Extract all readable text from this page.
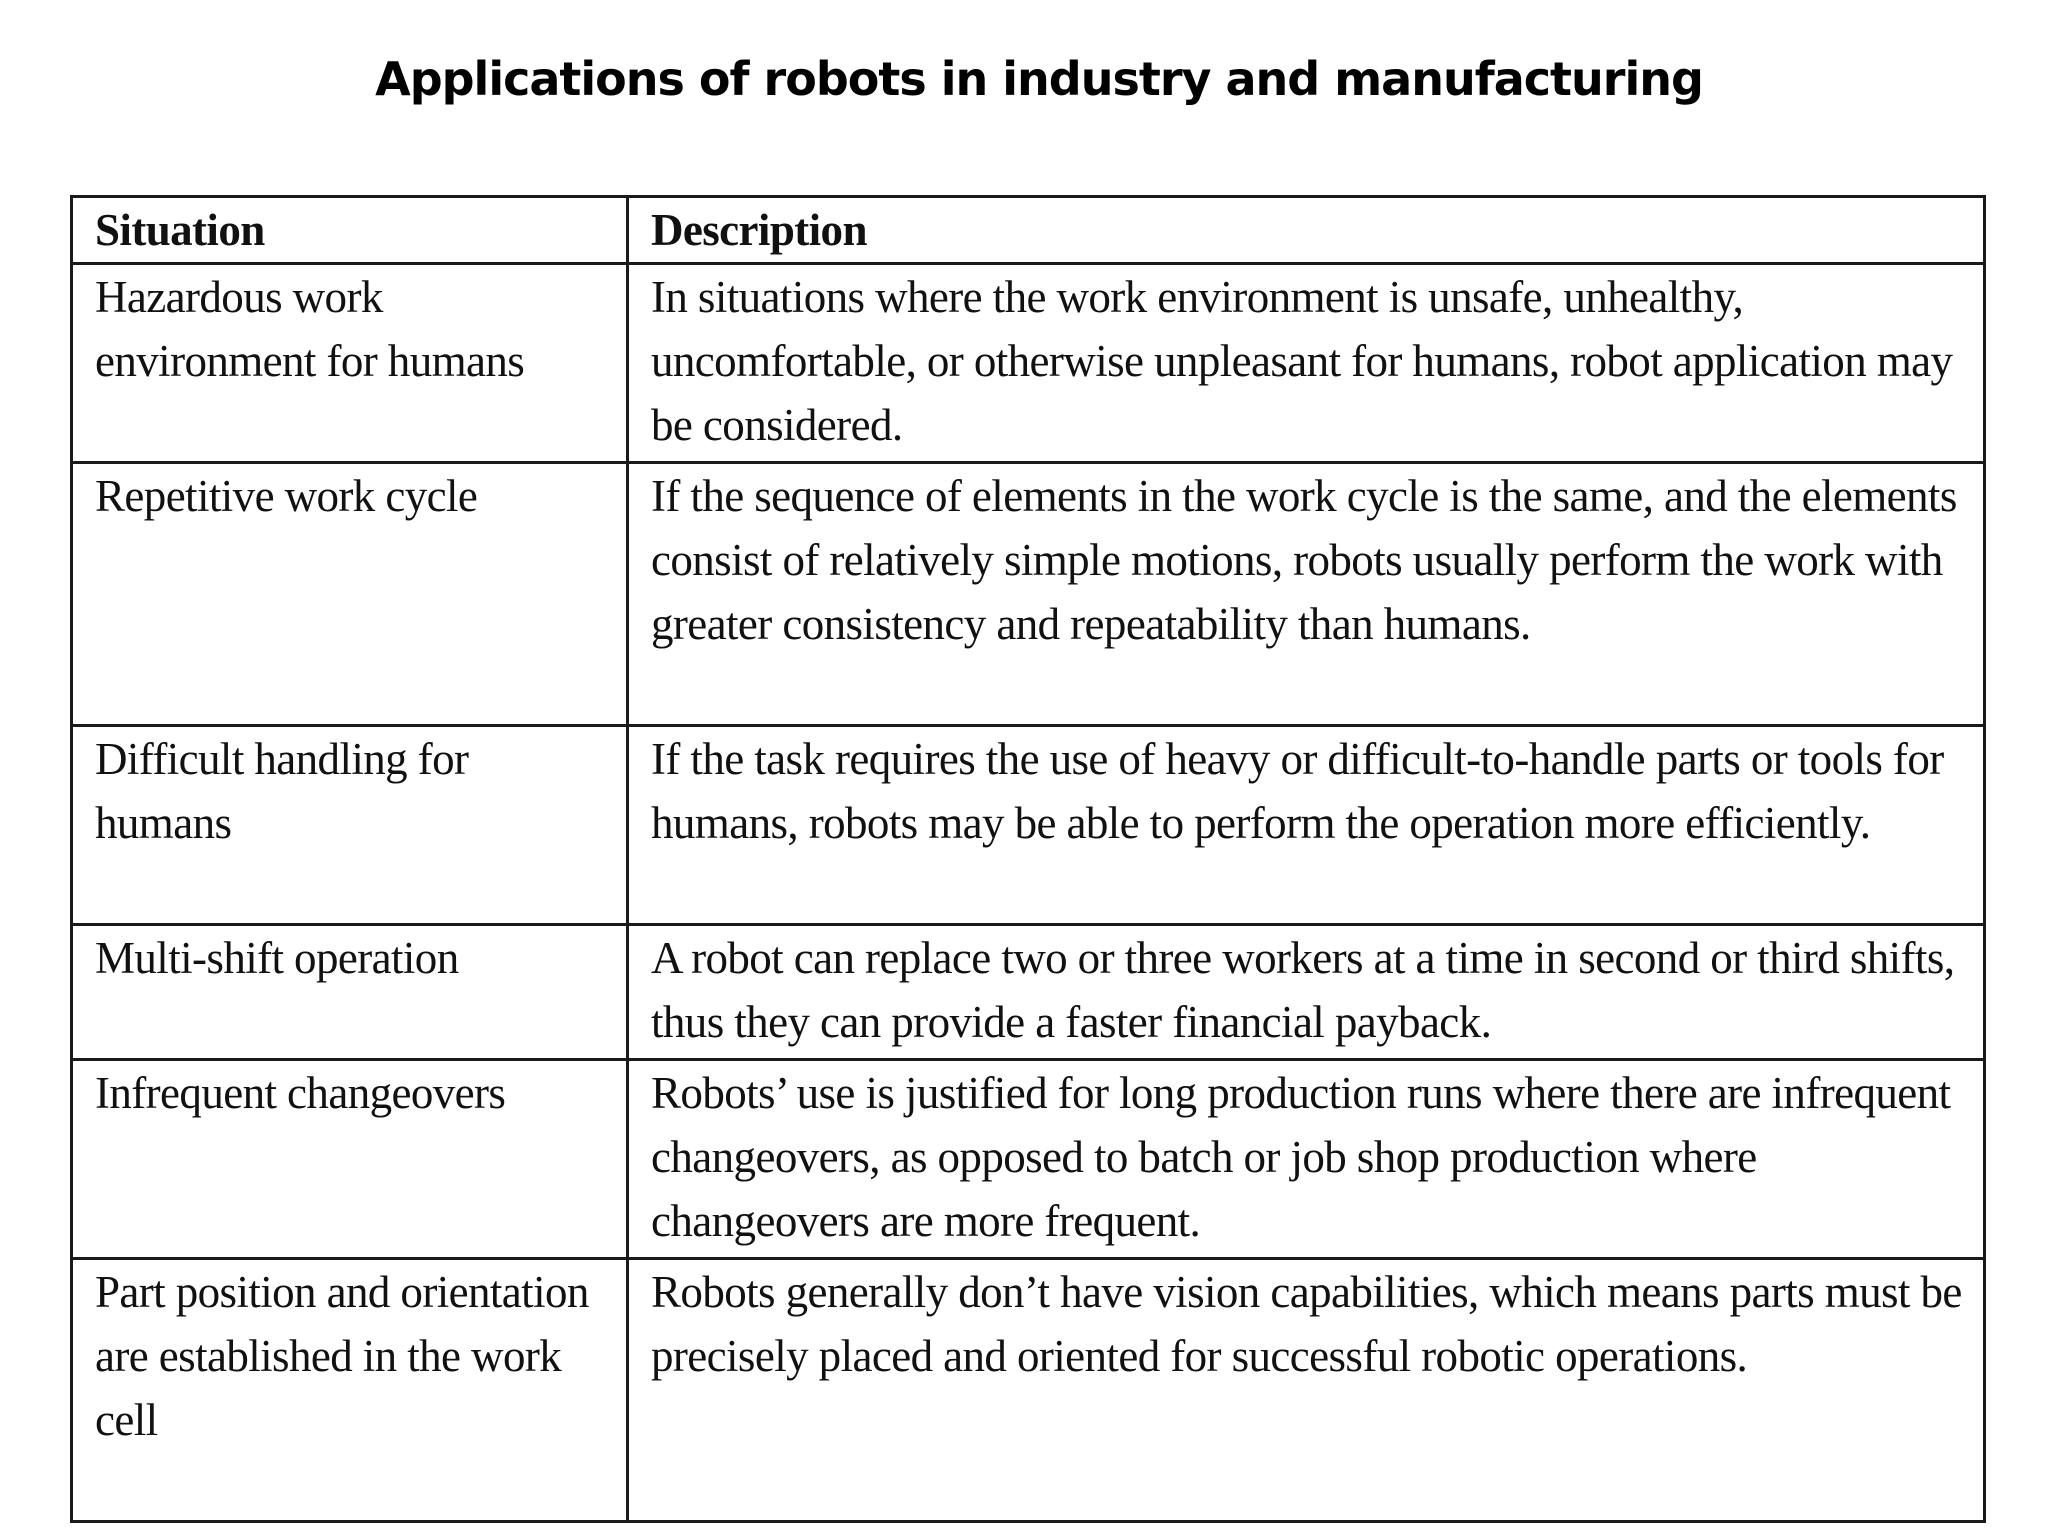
Applications of robots in industry and manufacturing
Situation	Description
Hazardous work environment for humans	In situations where the work environment is unsafe, unhealthy, uncomfortable, or otherwise unpleasant for humans, robot application may be considered.
Repetitive work cycle	If the sequence of elements in the work cycle is the same, and the elements consist of relatively simple motions, robots usually perform the work with greater consistency and repeatability than humans.
Difficult handling for humans	If the task requires the use of heavy or difficult-to-handle parts or tools for humans, robots may be able to perform the operation more efficiently.
Multi-shift operation	A robot can replace two or three workers at a time in second or third shifts, thus they can provide a faster financial payback.
Infrequent changeovers	Robots’ use is justified for long production runs where there are infrequent changeovers, as opposed to batch or job shop production where changeovers are more frequent.
Part position and orientation are established in the work cell	Robots generally don’t have vision capabilities, which means parts must be precisely placed and oriented for successful robotic operations.
